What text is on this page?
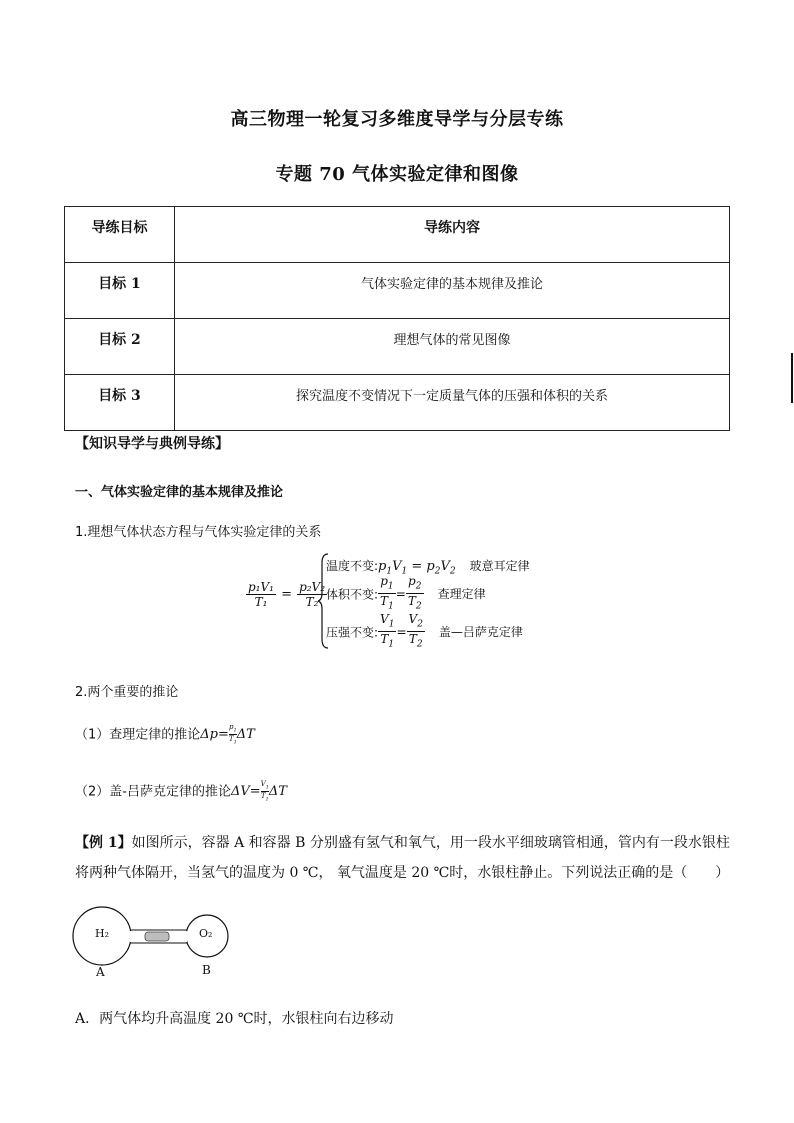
高三物理一轮复习多维度导学与分层专练
专题 70 气体实验定律和图像
导练目标	导练内容
目标 1	气体实验定律的基本规律及推论
目标 2	理想气体的常见图像
目标 3	探究温度不变情况下一定质量气体的压强和体积的关系
【知识导学与典例导练】
一、气体实验定律的基本规律及推论
1.理想气体状态方程与气体实验定律的关系
$\frac{\text{p₁V₁}}{\text{T₁}} = \frac{\text{p₂V₂}}{\text{T₂}}$
温度不变$:p_1V_1 = p_2V_2$ 玻意耳定律
体积不变: $\frac{p_1}{T_1} = \frac{p_2}{T_2}$ 查理定律
压强不变: $\frac{V_1}{T_1} = \frac{V_2}{T_2}$ 盖—吕萨克定律
2.两个重要的推论
（1）查理定律的推论$\Delta p= \frac{p_1}{T_1}$ ΔT
（2）盖-吕萨克定律的推论$\Delta V= \frac{V_1}{T_1}$ ΔT
【例 1】如图所示，容器 A 和容器 B 分别盛有氢气和氧气，用一段水平细玻璃管相通，管内有一段水银柱
将两种气体隔开，当氢气的温度为 0 ℃， 氧气温度是 20 ℃时，水银柱静止。下列说法正确的是（　　）
H₂	O₂
A	B
A．两气体均升高温度 20 ℃时，水银柱向右边移动
